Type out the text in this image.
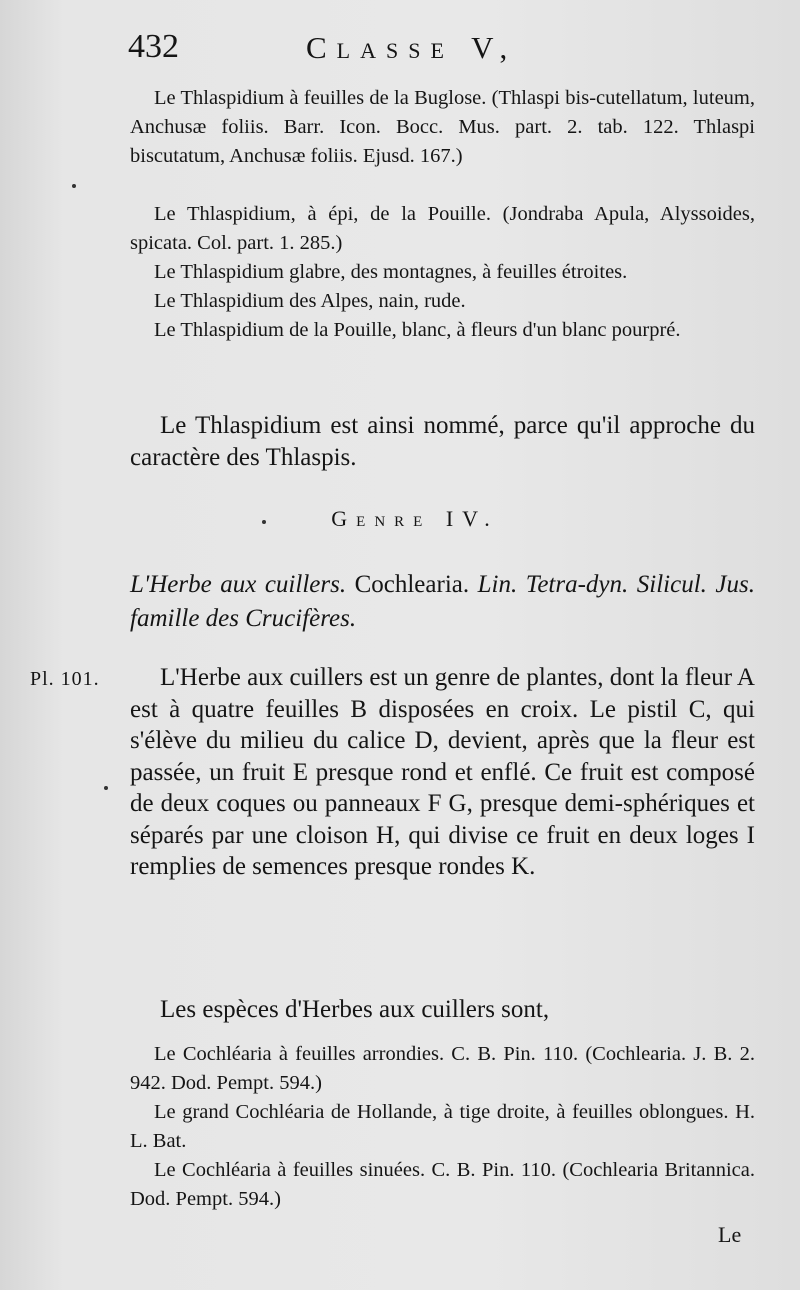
432	Classe V,

Le Thlaspidium à feuilles de la Buglose. (Thlaspi bis-cutellatum, luteum, Anchusæ foliis. Barr. Icon. Bocc. Mus. part. 2. tab. 122. Thlaspi biscutatum, Anchusæ foliis. Ejusd. 167.)

Le Thlaspidium, à épi, de la Pouille. (Jondraba Apula, Alyssoides, spicata. Col. part. 1. 285.)

Le Thlaspidium glabre, des montagnes, à feuilles étroites.

Le Thlaspidium des Alpes, nain, rude.

Le Thlaspidium de la Pouille, blanc, à fleurs d'un blanc pourpré.

Le Thlaspidium est ainsi nommé, parce qu'il approche du caractère des Thlaspis.

Genre IV.
L'Herbe aux cuillers. Cochlearia. Lin. Tetra-dyn. Silicul. Jus. famille des Crucifères.
Pl. 101.	L'Herbe aux cuillers est un genre de plantes, dont la fleur A est à quatre feuilles B disposées en croix. Le pistil C, qui s'élève du milieu du calice D, devient, après que la fleur est passée, un fruit E presque rond et enflé. Ce fruit est composé de deux coques ou panneaux F G, presque demi-sphériques et séparés par une cloison H, qui divise ce fruit en deux loges I remplies de semences presque rondes K.

Les espèces d'Herbes aux cuillers sont,

Le Cochléaria à feuilles arrondies. C. B. Pin. 110. (Cochlearia. J. B. 2. 942. Dod. Pempt. 594.)

Le grand Cochléaria de Hollande, à tige droite, à feuilles oblongues. H. L. Bat.

Le Cochléaria à feuilles sinuées. C. B. Pin. 110. (Cochlearia Britannica. Dod. Pempt. 594.)

Le
